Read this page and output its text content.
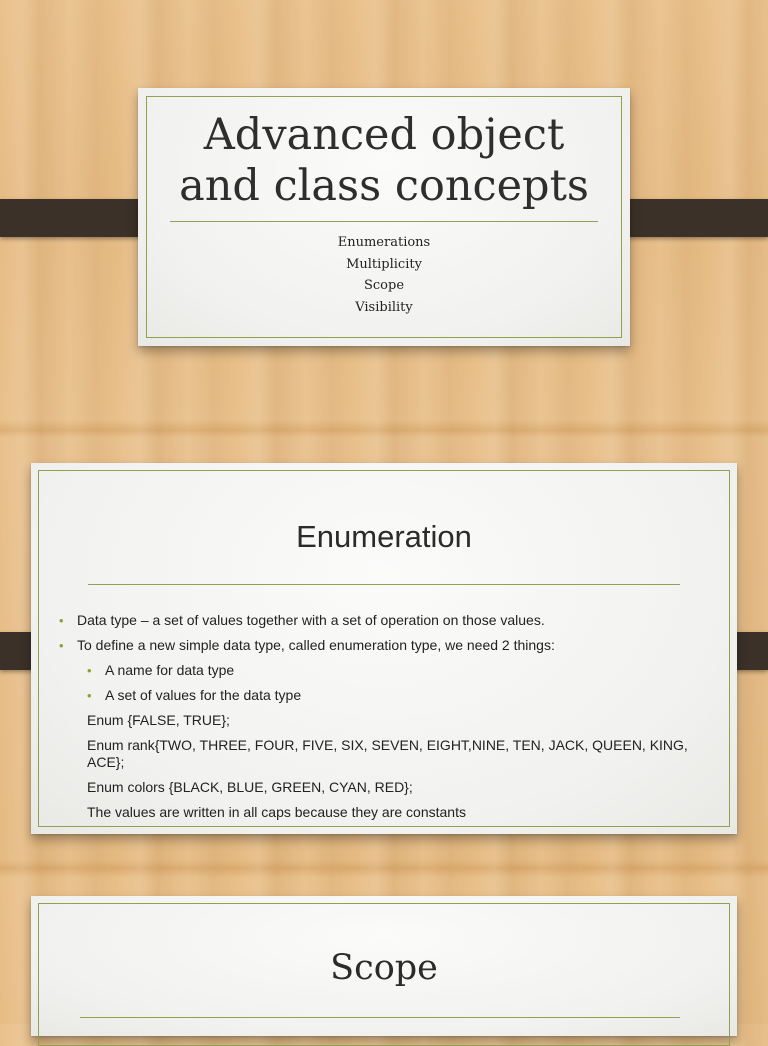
Advanced object
and class concepts
Enumerations
Multiplicity
Scope
Visibility
Enumeration
• Data type – a set of values together with a set of operation on those values.
• To define a new simple data type, called enumeration type, we need 2 things:
• A name for data type
• A set of values for the data type
Enum {FALSE, TRUE};
Enum rank{TWO, THREE, FOUR, FIVE, SIX, SEVEN, EIGHT,NINE, TEN, JACK, QUEEN, KING, ACE};
Enum colors {BLACK, BLUE, GREEN, CYAN, RED};
The values are written in all caps because they are constants
Scope
